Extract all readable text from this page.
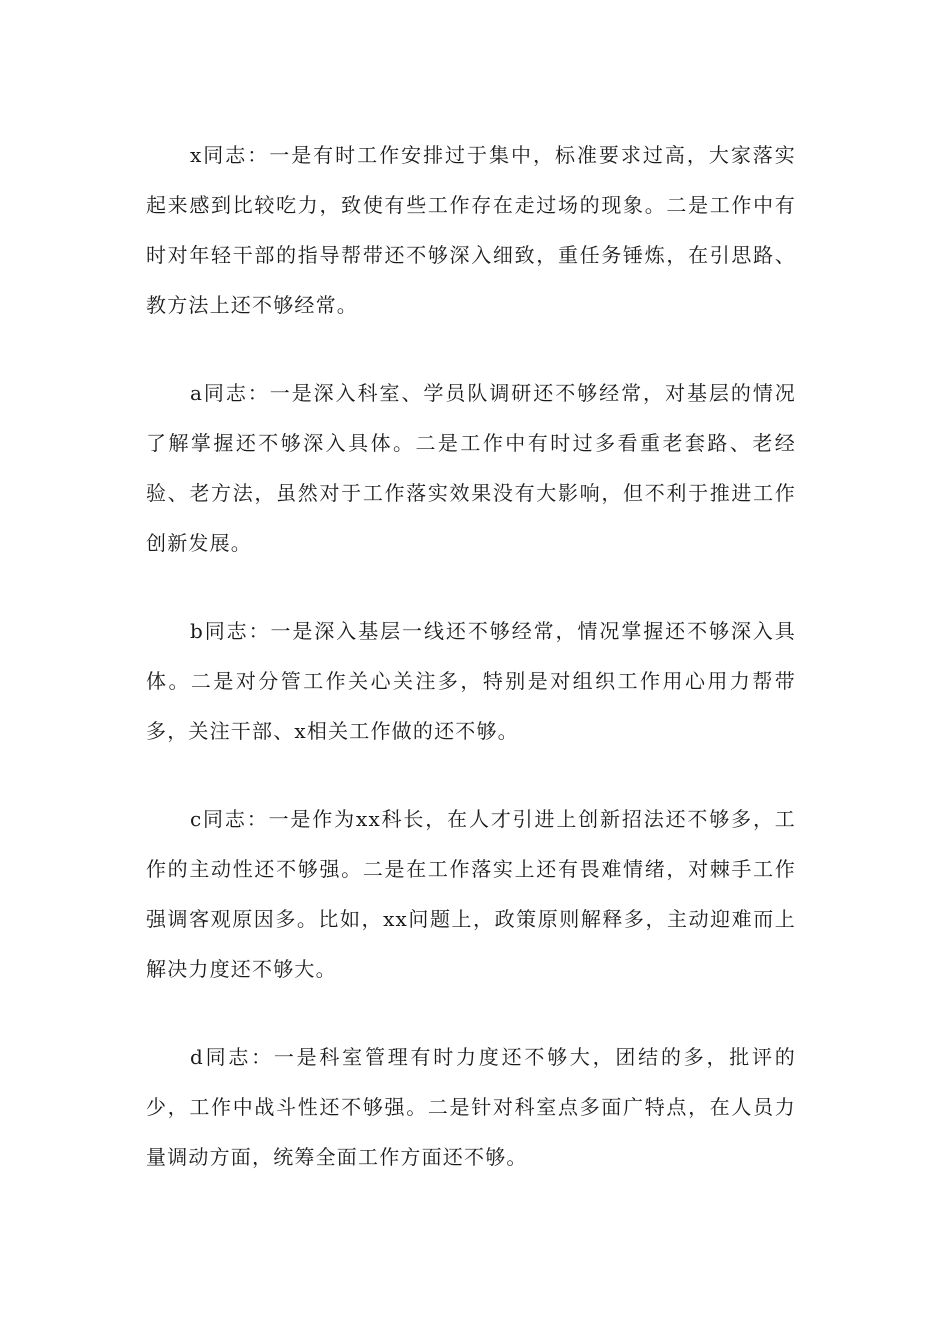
x同志：一是有时工作安排过于集中，标准要求过高，大家落实起来感到比较吃力，致使有些工作存在走过场的现象。二是工作中有时对年轻干部的指导帮带还不够深入细致，重任务锤炼，在引思路、教方法上还不够经常。

a同志：一是深入科室、学员队调研还不够经常，对基层的情况了解掌握还不够深入具体。二是工作中有时过多看重老套路、老经验、老方法，虽然对于工作落实效果没有大影响，但不利于推进工作创新发展。

b同志：一是深入基层一线还不够经常，情况掌握还不够深入具体。二是对分管工作关心关注多，特别是对组织工作用心用力帮带多，关注干部、x相关工作做的还不够。

c同志：一是作为xx科长，在人才引进上创新招法还不够多，工作的主动性还不够强。二是在工作落实上还有畏难情绪，对棘手工作强调客观原因多。比如，xx问题上，政策原则解释多，主动迎难而上解决力度还不够大。

d同志：一是科室管理有时力度还不够大，团结的多，批评的少，工作中战斗性还不够强。二是针对科室点多面广特点，在人员力量调动方面，统筹全面工作方面还不够。
